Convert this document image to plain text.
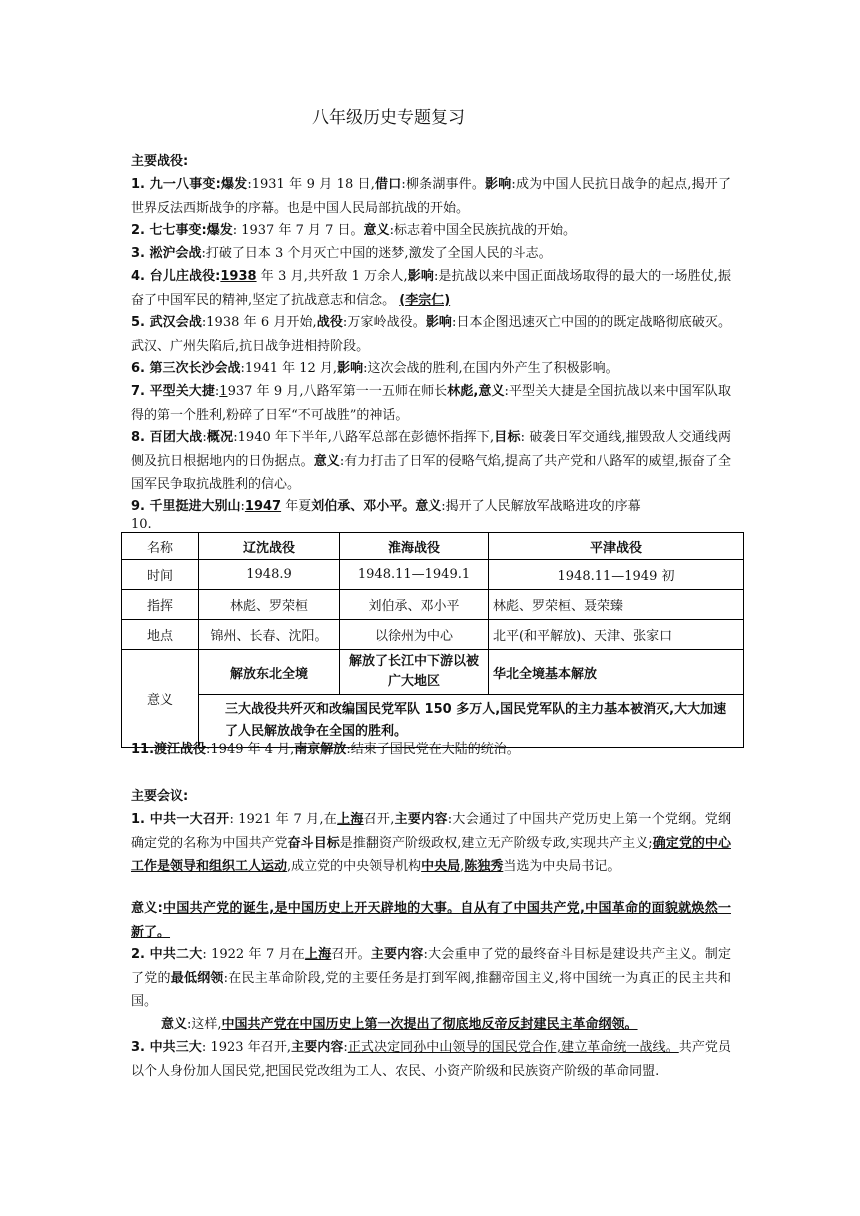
八年级历史专题复习
主要战役:
1. 九一八事变:爆发:1931 年 9 月 18 日,借口:柳条湖事件。影响:成为中国人民抗日战争的起点,揭开了世界反法西斯战争的序幕。也是中国人民局部抗战的开始。
2. 七七事变:爆发: 1937 年 7 月 7 日。意义:标志着中国全民族抗战的开始。
3. 淞沪会战:打破了日本 3 个月灭亡中国的迷梦,激发了全国人民的斗志。
4. 台儿庄战役:1938 年 3 月,共歼敌 1 万余人,影响:是抗战以来中国正面战场取得的最大的一场胜仗,振奋了中国军民的精神,坚定了抗战意志和信念。 (李宗仁)
5. 武汉会战:1938 年 6 月开始,战役:万家岭战役。影响:日本企图迅速灭亡中国的的既定战略彻底破灭。武汉、广州失陷后,抗日战争进相持阶段。
6. 第三次长沙会战:1941 年 12 月,影响:这次会战的胜利,在国内外产生了积极影响。
7. 平型关大捷:1937 年 9 月,八路军第一一五师在师长林彪,意义:平型关大捷是全国抗战以来中国军队取得的第一个胜利,粉碎了日军“不可战胜”的神话。
8. 百团大战:概况:1940 年下半年,八路军总部在彭德怀指挥下,目标: 破袭日军交通线,摧毁敌人交通线两侧及抗日根据地内的日伪据点。意义:有力打击了日军的侵略气焰,提高了共产党和八路军的威望,振奋了全国军民争取抗战胜利的信心。
9. 千里挺进大别山:1947 年夏刘伯承、邓小平。意义:揭开了人民解放军战略进攻的序幕
10.
名称	辽沈战役	淮海战役	平津战役
时间	1948.9	1948.11—1949.1	1948.11—1949 初
指挥	林彪、罗荣桓	刘伯承、邓小平	林彪、罗荣桓、聂荣臻
地点	锦州、长春、沈阳。	以徐州为中心	北平(和平解放)、天津、张家口
意义	解放东北全境	解放了长江中下游以被广大地区	华北全境基本解放
	三大战役共歼灭和改编国民党军队 150 多万人,国民党军队的主力基本被消灭,大大加速了人民解放战争在全国的胜利。		
11.渡江战役:1949 年 4 月,南京解放:结束了国民党在大陆的统治。
主要会议:
1. 中共一大召开: 1921 年 7 月,在上海召开,主要内容:大会通过了中国共产党历史上第一个党纲。党纲确定党的名称为中国共产党奋斗目标是推翻资产阶级政权,建立无产阶级专政,实现共产主义;确定党的中心工作是领导和组织工人运动,成立党的中央领导机构中央局,陈独秀当选为中央局书记。
意义:中国共产党的诞生,是中国历史上开天辟地的大事。自从有了中国共产党,中国革命的面貌就焕然一新了。
2. 中共二大: 1922 年 7 月在上海召开。主要内容:大会重申了党的最终奋斗目标是建设共产主义。制定了党的最低纲领:在民主革命阶段,党的主要任务是打到军阀,推翻帝国主义,将中国统一为真正的民主共和国。
意义:这样,中国共产党在中国历史上第一次提出了彻底地反帝反封建民主革命纲领。
3. 中共三大: 1923 年召开,主要内容:正式决定同孙中山领导的国民党合作,建立革命统一战线。共产党员以个人身份加人国民党,把国民党改组为工人、农民、小资产阶级和民族资产阶级的革命同盟.
